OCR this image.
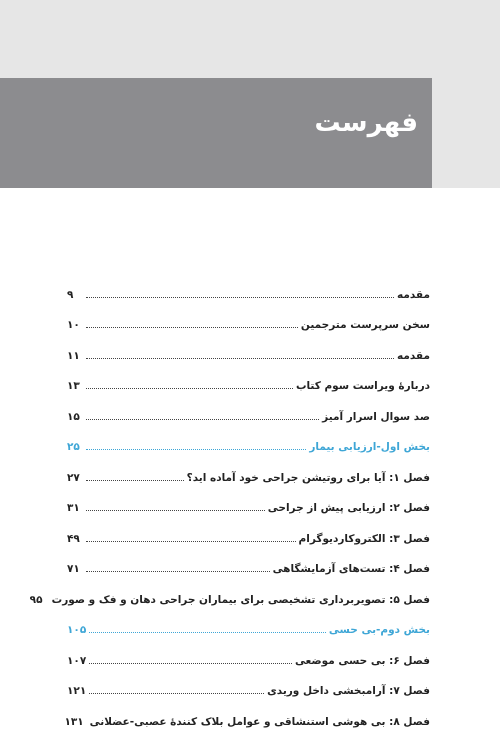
فهرست
مقدمه
۹
سخن سرپرست مترجمین
۱۰
مقدمه
۱۱
دربارهٔ ویراست سوم کتاب
۱۳
صد سوال اسرار آمیز
۱۵
بخش اول-ارزیابی بیمار
۲۵
فصل ۱: آیا برای روتیشن جراحی خود آماده اید؟
۲۷
فصل ۲: ارزیابی پیش از جراحی
۳۱
فصل ۳: الکتروکاردیوگرام
۴۹
فصل ۴: تست‌های آزمایشگاهی
۷۱
فصل ۵: تصویربرداری تشخیصی برای بیماران جراحی دهان و فک و صورت
۹۵
بخش دوم-بی حسی
۱۰۵
فصل ۶: بی حسی موضعی
۱۰۷
فصل ۷: آرامبخشی داخل وریدی
۱۲۱
فصل ۸: بی هوشی استنشاقی و عوامل بلاک کنندهٔ عصبی-عضلانی
۱۳۱
